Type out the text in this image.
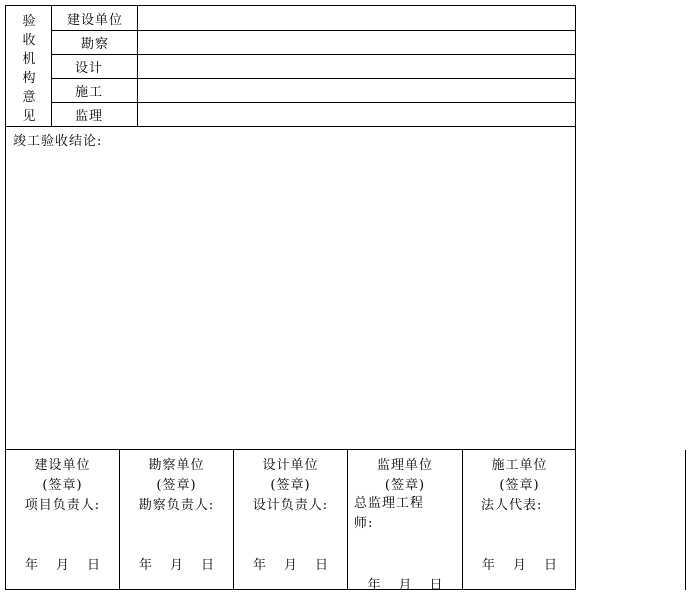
验
收
机
构
意
见
建设单位
勘察
设计
施工
监理
竣工验收结论:
建设单位
(签章)
项目负责人:
年 月 日
勘察单位
(签章)
勘察负责人:
年 月 日
设计单位
(签章)
设计负责人:
年 月 日
监理单位
(签章)
总监理工程师:
年 月 日
施工单位
(签章)
法人代表:
年 月 日
